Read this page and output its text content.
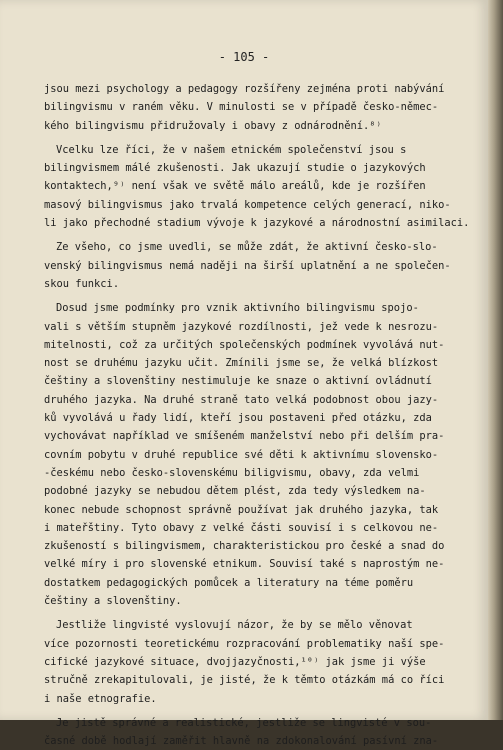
- 105 -
jsou mezi psychology a pedagogy rozšířeny zejména proti nabývání
bilingvismu v raném věku. V minulosti se v případě česko-němec-
kého bilingvismu přidružovaly i obavy z odnárodnění.⁸⁾
Vcelku lze říci, že v našem etnickém společenství jsou s
bilingvismem málé zkušenosti. Jak ukazují studie o jazykových
kontaktech,⁹⁾ není však ve světě málo areálů, kde je rozšířen
masový bilingvismus jako trvalá kompetence celých generací, niko-
li jako přechodné stadium vývoje k jazykové a národnostní asimilaci.
Ze všeho, co jsme uvedli, se může zdát, že aktivní česko-slo-
venský bilingvismus nemá naději na širší uplatnění a ne společen-
skou funkci.
Dosud jsme podmínky pro vznik aktivního bilingvismu spojo-
vali s větším stupněm jazykové rozdílnosti, jež vede k nesrozu-
mitelnosti, což za určitých společenských podmínek vyvolává nut-
nost se druhému jazyku učit. Zmínili jsme se, že velká blízkost
češtiny a slovenštiny nestimuluje ke snaze o aktivní ovládnutí
druhého jazyka. Na druhé straně tato velká podobnost obou jazy-
ků vyvolává u řady lidí, kteří jsou postaveni před otázku, zda
vychovávat například ve smíšeném manželství nebo při delším pra-
covním pobytu v druhé republice své děti k aktivnímu slovensko-
-českému nebo česko-slovenskému biligvismu, obavy, zda velmi
podobné jazyky se nebudou dětem plést, zda tedy výsledkem na-
konec nebude schopnost správně používat jak druhého jazyka, tak
i mateřštiny. Tyto obavy z velké části souvisí i s celkovou ne-
zkušeností s bilingvismem, charakteristickou pro české a snad do
velké míry i pro slovenské etnikum. Souvisí také s naprostým ne-
dostatkem pedagogických pomůcek a literatury na téme poměru
češtiny a slovenštiny.
Jestliže lingvisté vyslovují názor, že by se mělo věnovat
více pozornosti teoretickému rozpracování problematiky naší spe-
cifické jazykové situace, dvojjazyčnosti,¹⁰⁾ jak jsme ji výše
stručně zrekapitulovali, je jisté, že k těmto otázkám má co říci
i naše etnografie.
Je jistě správné a realistické, jestliže se lingvisté v sou-
časné době hodlají zaměřit hlavně na zdokonalování pasívní zna-
